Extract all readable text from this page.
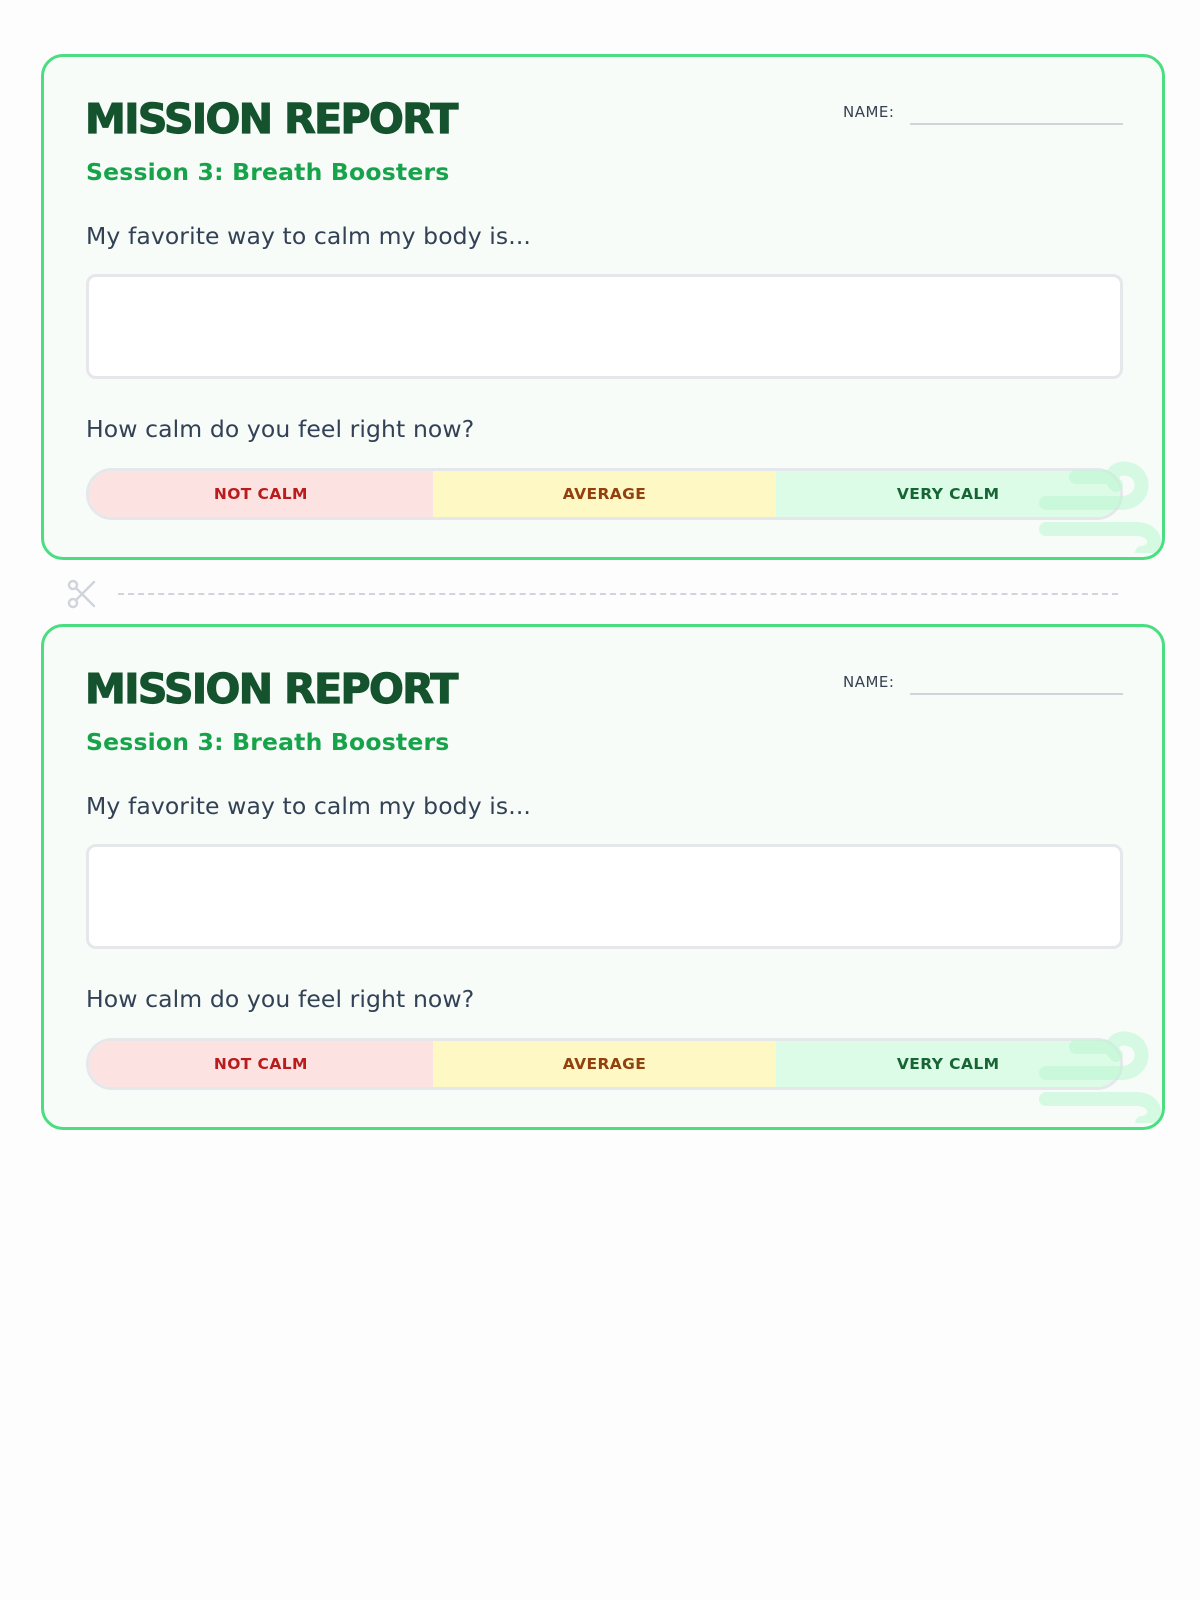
MISSION REPORT
Session 3: Breath Boosters
NAME:
My favorite way to calm my body is...
How calm do you feel right now?
NOT CALM	AVERAGE	VERY CALM
MISSION REPORT
Session 3: Breath Boosters
NAME:
My favorite way to calm my body is...
How calm do you feel right now?
NOT CALM	AVERAGE	VERY CALM
